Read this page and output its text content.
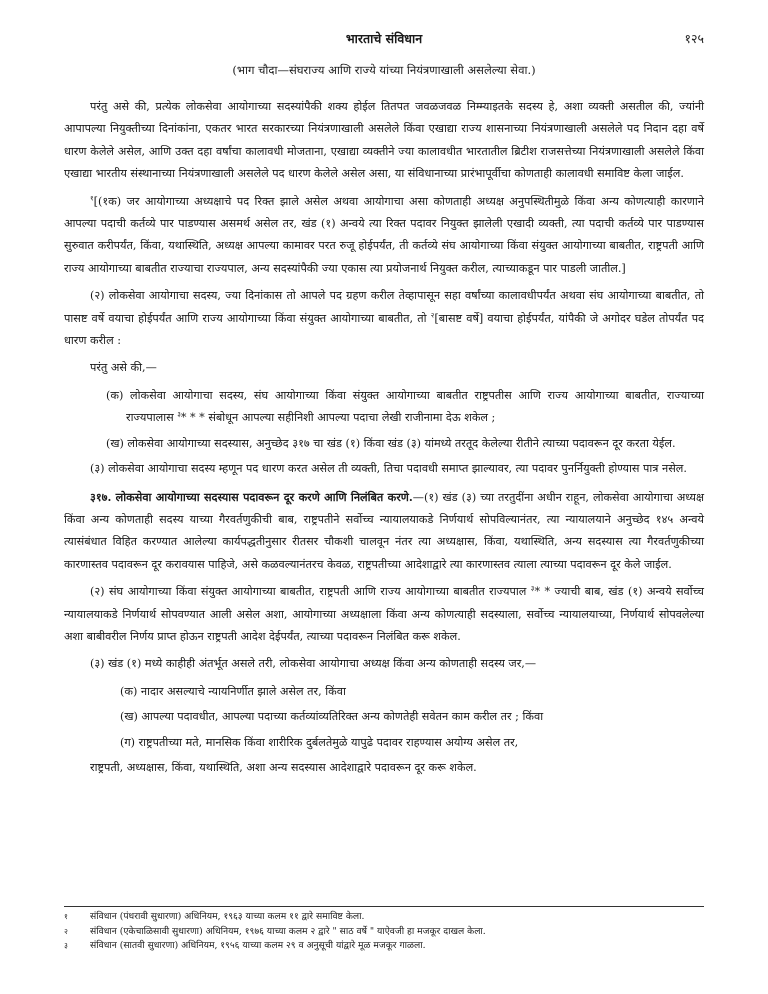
भारताचे संविधान	१२५
(भाग चौदा—संघराज्य आणि राज्ये यांच्या नियंत्रणाखाली असलेल्या सेवा.)

परंतु असे की, प्रत्येक लोकसेवा आयोगाच्या सदस्यांपैकी शक्य होईल तितपत जवळजवळ निम्म्याइतके सदस्य हे, अशा व्यक्ती असतील की, ज्यांनी आपापल्या नियुक्तीच्या दिनांकांना, एकतर भारत सरकारच्या नियंत्रणाखाली असलेले किंवा एखाद्या राज्य शासनाच्या नियंत्रणाखाली असलेले पद निदान दहा वर्षे धारण केलेले असेल, आणि उक्त दहा वर्षांचा कालावधी मोजताना, एखाद्या व्यक्तीने ज्या कालावधीत भारतातील ब्रिटीश राजसत्तेच्या नियंत्रणाखाली असलेले किंवा एखाद्या भारतीय संस्थानाच्या नियंत्रणाखाली असलेले पद धारण केलेले असेल असा, या संविधानाच्या प्रारंभापूर्वीचा कोणताही कालावधी समाविष्ट केला जाईल.

$^१$[(१क) जर आयोगाच्या अध्यक्षाचे पद रिक्त झाले असेल अथवा आयोगाचा असा कोणताही अध्यक्ष अनुपस्थितीमुळे किंवा अन्य कोणत्याही कारणाने आपल्या पदाची कर्तव्ये पार पाडण्यास असमर्थ असेल तर, खंड (१) अन्वये त्या रिक्त पदावर नियुक्त झालेली एखादी व्यक्ती, त्या पदाची कर्तव्ये पार पाडण्यास सुरुवात करीपर्यंत, किंवा, यथास्थिति, अध्यक्ष आपल्या कामावर परत रुजू होईपर्यंत, ती कर्तव्ये संघ आयोगाच्या किंवा संयुक्त आयोगाच्या बाबतीत, राष्ट्रपती आणि राज्य आयोगाच्या बाबतीत राज्याचा राज्यपाल, अन्य सदस्यांपैकी ज्या एकास त्या प्रयोजनार्थ नियुक्त करील, त्याच्याकडून पार पाडली जातील.]

(२) लोकसेवा आयोगाचा सदस्य, ज्या दिनांकास तो आपले पद ग्रहण करील तेव्हापासून सहा वर्षांच्या कालावधीपर्यंत अथवा संघ आयोगाच्या बाबतीत, तो पासष्ट वर्षे वयाचा होईपर्यंत आणि राज्य आयोगाच्या किंवा संयुक्त आयोगाच्या बाबतीत, तो $^२$[बासष्ट वर्षे] वयाचा होईपर्यंत, यांपैकी जे अगोदर घडेल तोपर्यंत पद धारण करील :

परंतु असे की,—

(क) लोकसेवा आयोगाचा सदस्य, संघ आयोगाच्या किंवा संयुक्त आयोगाच्या बाबतीत राष्ट्रपतीस आणि राज्य आयोगाच्या बाबतीत, राज्याच्या राज्यपालास $^३$* * * संबोधून आपल्या सहीनिशी आपल्या पदाचा लेखी राजीनामा देऊ शकेल ;

(ख) लोकसेवा आयोगाच्या सदस्यास, अनुच्छेद ३१७ चा खंड (१) किंवा खंड (३) यांमध्ये तरतूद केलेल्या रीतीने त्याच्या पदावरून दूर करता येईल.

(३) लोकसेवा आयोगाचा सदस्य म्हणून पद धारण करत असेल ती व्यक्ती, तिचा पदावधी समाप्त झाल्यावर, त्या पदावर पुनर्नियुक्ती होण्यास पात्र नसेल.

३१७. लोकसेवा आयोगाच्या सदस्यास पदावरून दूर करणे आणि निलंबित करणे.—(१) खंड (३) च्या तरतुदींना अधीन राहून, लोकसेवा आयोगाचा अध्यक्ष किंवा अन्य कोणताही सदस्य याच्या गैरवर्तणुकीची बाब, राष्ट्रपतीने सर्वोच्च न्यायालयाकडे निर्णयार्थ सोपविल्यानंतर, त्या न्यायालयाने अनुच्छेद १४५ अन्वये त्यासंबंधात विहित करण्यात आलेल्या कार्यपद्धतीनुसार रीतसर चौकशी चालवून नंतर त्या अध्यक्षास, किंवा, यथास्थिति, अन्य सदस्यास त्या गैरवर्तणुकीच्या कारणास्तव पदावरून दूर करावयास पाहिजे, असे कळवल्यानंतरच केवळ, राष्ट्रपतीच्या आदेशाद्वारे त्या कारणास्तव त्याला त्याच्या पदावरून दूर केले जाईल.

(२) संघ आयोगाच्या किंवा संयुक्त आयोगाच्या बाबतीत, राष्ट्रपती आणि राज्य आयोगाच्या बाबतीत राज्यपाल $^३$* * ज्याची बाब, खंड (१) अन्वये सर्वोच्च न्यायालयाकडे निर्णयार्थ सोपवण्यात आली असेल अशा, आयोगाच्या अध्यक्षाला किंवा अन्य कोणत्याही सदस्याला, सर्वोच्च न्यायालयाच्या, निर्णयार्थ सोपवलेल्या अशा बाबीवरील निर्णय प्राप्त होऊन राष्ट्रपती आदेश देईपर्यंत, त्याच्या पदावरून निलंबित करू शकेल.

(३) खंड (१) मध्ये काहीही अंतर्भूत असले तरी, लोकसेवा आयोगाचा अध्यक्ष किंवा अन्य कोणताही सदस्य जर,—

(क) नादार असल्याचे न्यायनिर्णीत झाले असेल तर, किंवा

(ख) आपल्या पदावधीत, आपल्या पदाच्या कर्तव्यांव्यतिरिक्त अन्य कोणतेही सवेतन काम करील तर ; किंवा

(ग) राष्ट्रपतीच्या मते, मानसिक किंवा शारीरिक दुर्बलतेमुळे यापुढे पदावर राहण्यास अयोग्य असेल तर,

राष्ट्रपती, अध्यक्षास, किंवा, यथास्थिति, अशा अन्य सदस्यास आदेशाद्वारे पदावरून दूर करू शकेल.

१	संविधान (पंधरावी सुधारणा) अधिनियम, १९६३ याच्या कलम ११ द्वारे समाविष्ट केला.
२	संविधान (एकेचाळिसावी सुधारणा) अधिनियम, १९७६ याच्या कलम २ द्वारे " साठ वर्षे " याऐवजी हा मजकूर दाखल केला.
३	संविधान (सातवी सुधारणा) अधिनियम, १९५६ याच्या कलम २९ व अनुसूची यांद्वारे मूळ मजकूर गाळला.
